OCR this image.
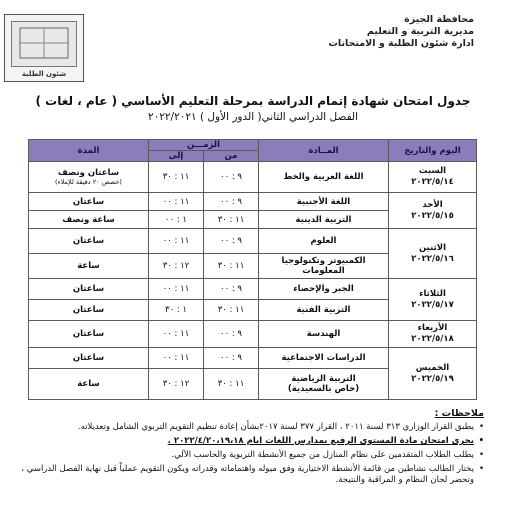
محافظة الجيزة
مديرية التربية و التعليم
ادارة شئون الطلبة و الامتحانات
شئون الطلبة
جدول امتحان شهادة إتمام الدراسة بمرحلة التعليم الأساسي ( عام ، لغات )
الفصل الدراسي الثاني( الدور الأول ) ٢٠٢٢/٢٠٢١
اليوم والتاريخ	المــادة	الزمـــن		المدة
		من	إلى	
السبت
٢٠٢٢/٥/١٤	اللغة العربية والخط	٩ : ٠٠	١١ : ٣٠	ساعتان ونصف
(خصص ٢٠ دقيقة للإملاء)

الأحد
٢٠٢٢/٥/١٥	اللغة الأجنبية	٩ : ٠٠	١١ : ٠٠	ساعتان
	التربية الدينية	١١ : ٣٠	١ : ٠٠	ساعة ونصف
الاثنين
٢٠٢٢/٥/١٦	العلوم	٩ : ٠٠	١١ : ٠٠	ساعتان
	الكمبيوتر وتكنولوجيا المعلومات	١١ : ٣٠	١٢ : ٣٠	ساعة
الثلاثاء
٢٠٢٢/٥/١٧	الجبر والإحصاء	٩ : ٠٠	١١ : ٠٠	ساعتان
	التربية الفنية	١١ : ٣٠	١ : ٣٠	ساعتان
الأربعاء
٢٠٢٢/٥/١٨	الهندسة	٩ : ٠٠	١١ : ٠٠	ساعتان
الخميس
٢٠٢٢/٥/١٩	الدراسات الاجتماعية	٩ : ٠٠	١١ : ٠٠	ساعتان
	التربية الرياضية
(خاص بالسعيدية)	١١ : ٣٠	١٢ : ٣٠	ساعة
ملاحظات :
• يطبق القرار الوزاري ٣١٣ لسنة ٢٠١١ ، القرار ٣٧٧ لسنة ٢٠١٧بشأن إعادة تنظيم التقويم التربوي الشامل وتعديلاته.
• يجرى امتحان مادة المستوى الرفيع بمدارس اللغات ايام ٢٠٢٢/٤/٢٠،١٩،١٨ .
• يطلب الطلاب المتقدمين على نظام المنازل من جميع الأنشطة التربوية والحاسب الآلي.
• يختار الطالب نشاطين من قائمة الأنشطة الاختيارية وفق ميوله واهتماماته وقدراته ويكون التقويم عملياً قبل نهاية الفصل الدراسي ، وتحضر لجان النظام و المراقبة والنتيجة.
